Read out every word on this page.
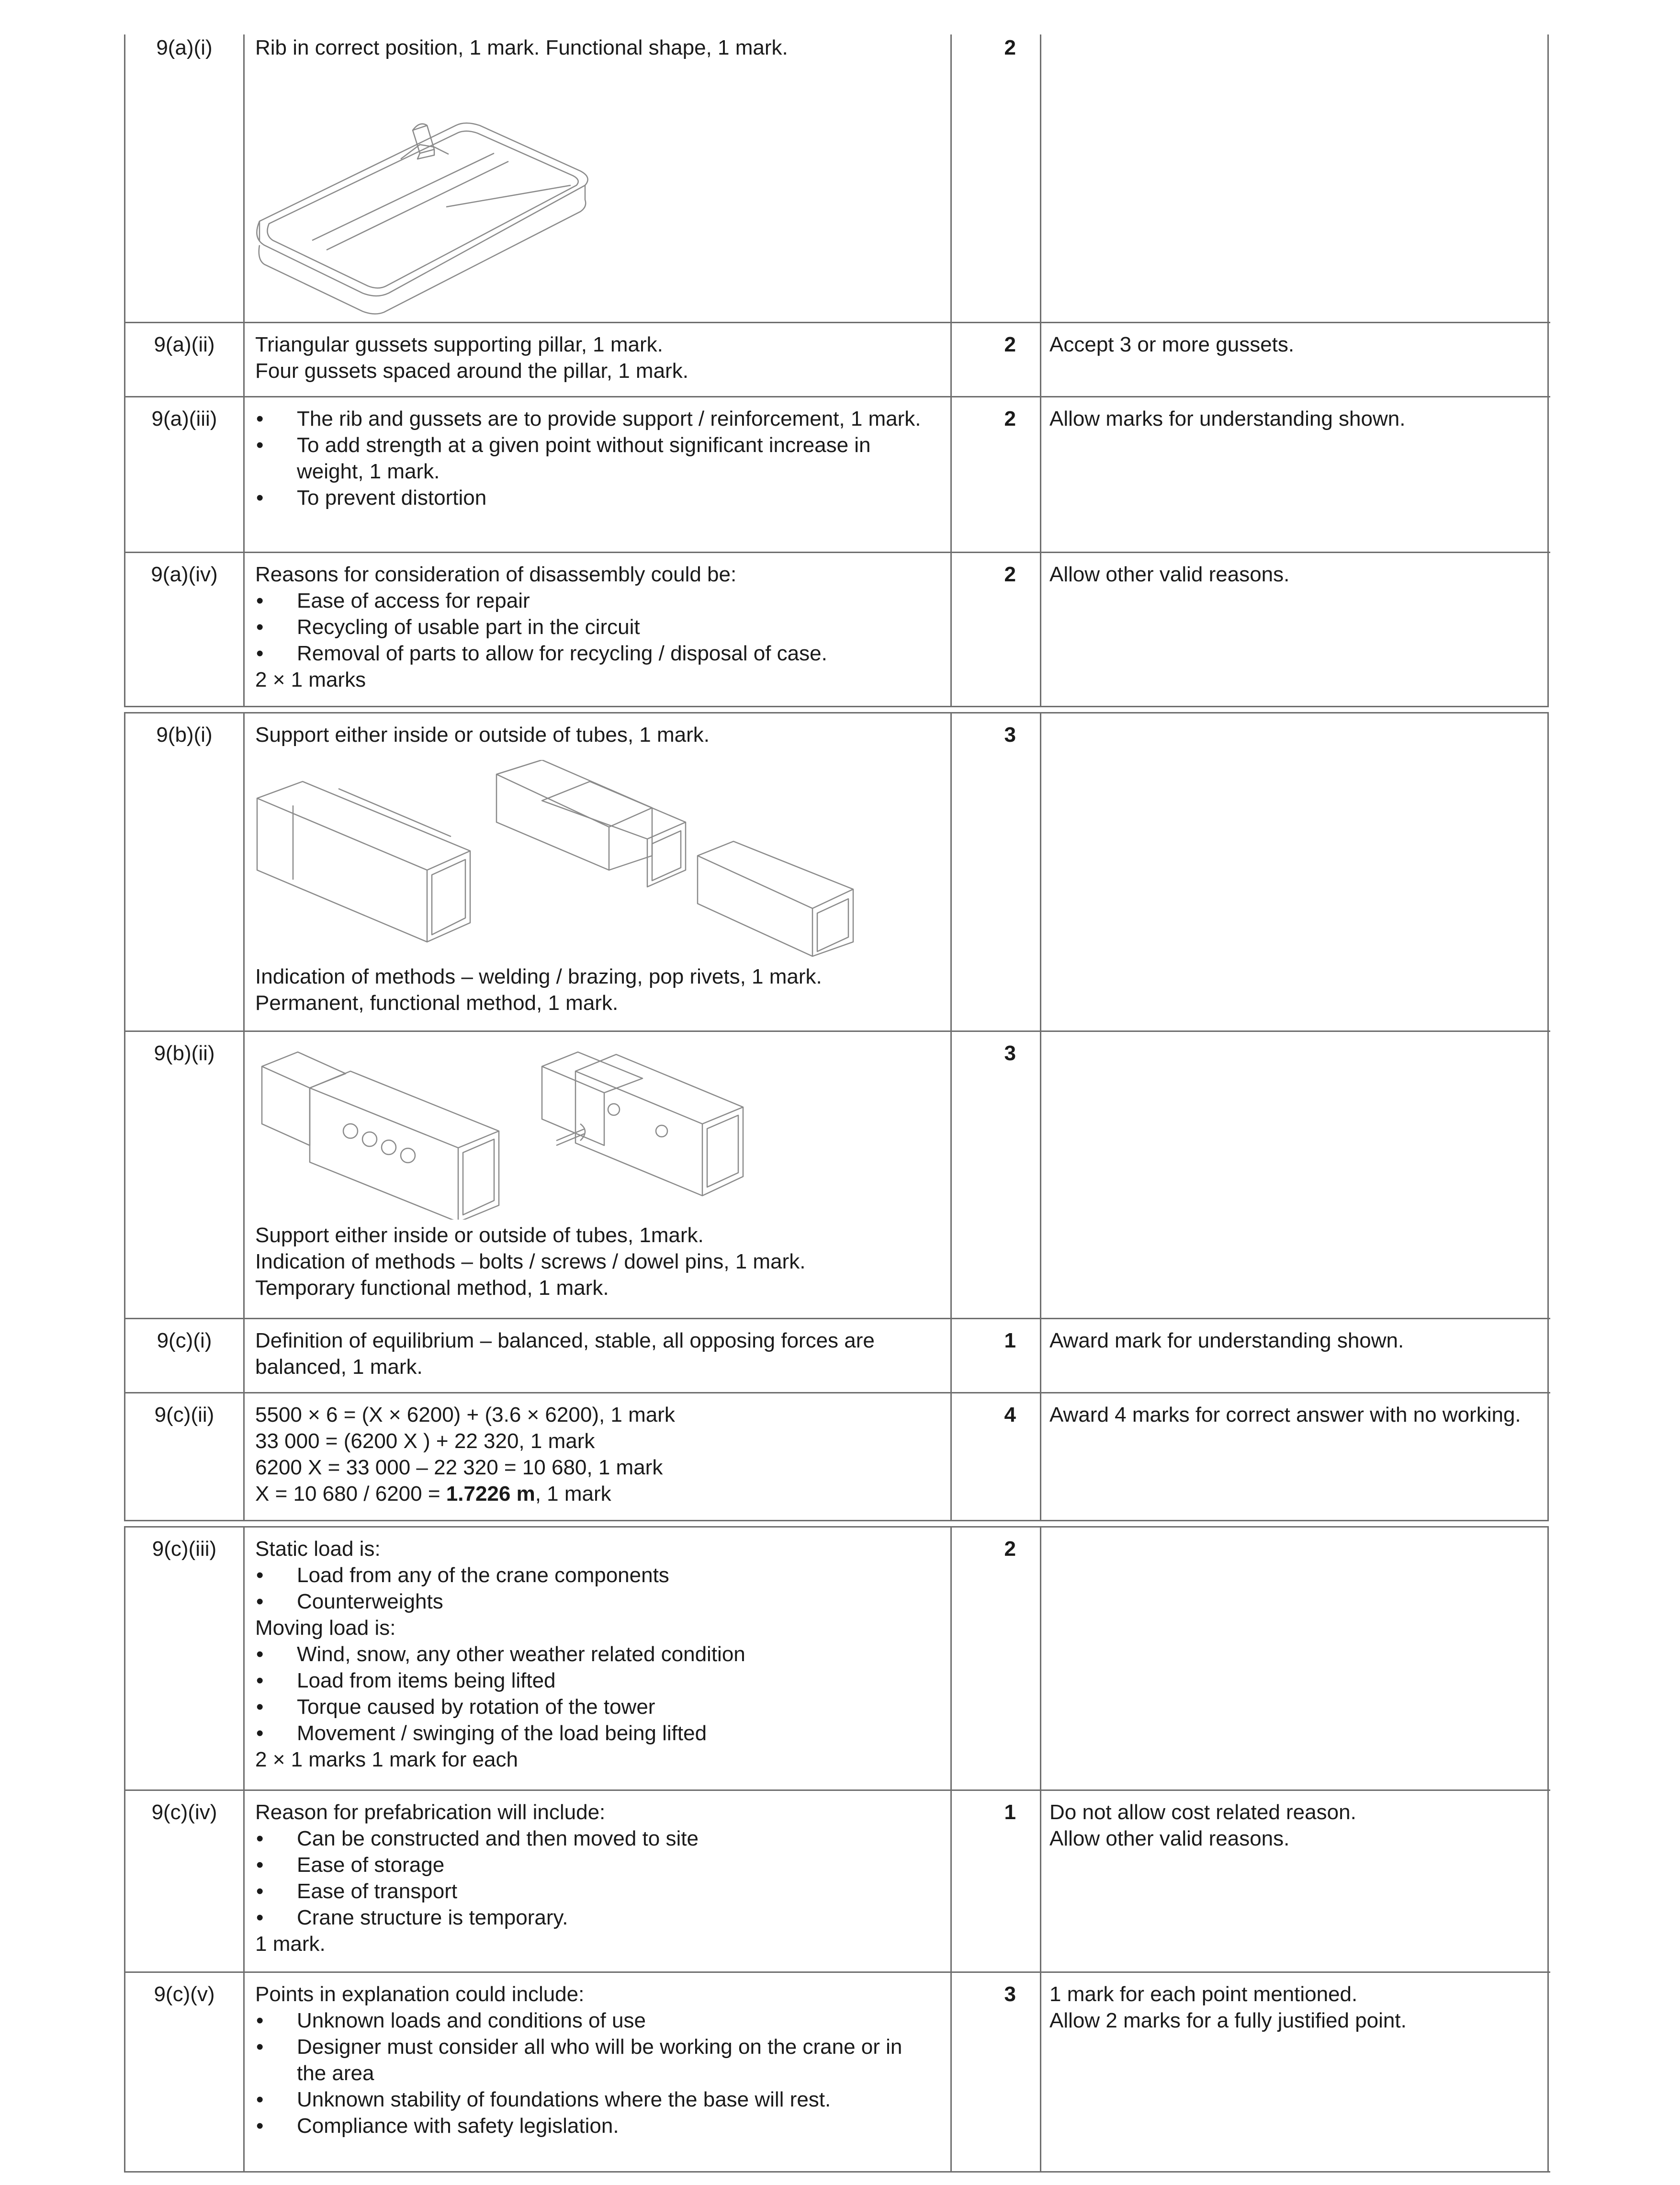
9(a)(i)	Rib in correct position, 1 mark. Functional shape, 1 mark.	2
9(a)(ii)	Triangular gussets supporting pillar, 1 mark.
Four gussets spaced around the pillar, 1 mark.
2 Accept 3 or more gussets.
9(a)(iii)
•	The rib and gussets are to provide support / reinforcement, 1 mark.
• To add strength at a given point without significant increase in weight, 1 mark.
• To prevent distortion
2 Allow marks for understanding shown.
9(a)(iv)	Reasons for consideration of disassembly could be:
• Ease of access for repair
• Recycling of usable part in the circuit
• Removal of parts to allow for recycling / disposal of case.
2 × 1 marks
2 Allow other valid reasons.
9(b)(i)	Support either inside or outside of tubes, 1 mark.
Indication of methods – welding / brazing, pop rivets, 1 mark.
Permanent, functional method, 1 mark.
3
9(b)(ii)
Support either inside or outside of tubes, 1mark.
Indication of methods – bolts / screws / dowel pins, 1 mark.
Temporary functional method, 1 mark.
3
9(c)(i)	Definition of equilibrium – balanced, stable, all opposing forces are
balanced, 1 mark.
1 Award mark for understanding shown.
9(c)(ii)	5500 × 6 = (X × 6200) + (3.6 × 6200), 1 mark
33 000 = (6200 X ) + 22 320, 1 mark
6200 X = 33 000 – 22 320 = 10 680, 1 mark
X = 10 680 / 6200 = 1.7226 m, 1 mark
4 Award 4 marks for correct answer with no working.
9(c)(iii)	Static load is:
• Load from any of the crane components
• Counterweights
Moving load is:
• Wind, snow, any other weather related condition
• Load from items being lifted
• Torque caused by rotation of the tower
• Movement / swinging of the load being lifted
2 × 1 marks 1 mark for each
2
9(c)(iv)	Reason for prefabrication will include:
• Can be constructed and then moved to site
• Ease of storage
• Ease of transport
• Crane structure is temporary.
1 mark.
1 Do not allow cost related reason.
Allow other valid reasons.
9(c)(v)	Points in explanation could include:
• Unknown loads and conditions of use
• Designer must consider all who will be working on the crane or in the area
• Unknown stability of foundations where the base will rest.
• Compliance with safety legislation.
3 1 mark for each point mentioned.
Allow 2 marks for a fully justified point.
